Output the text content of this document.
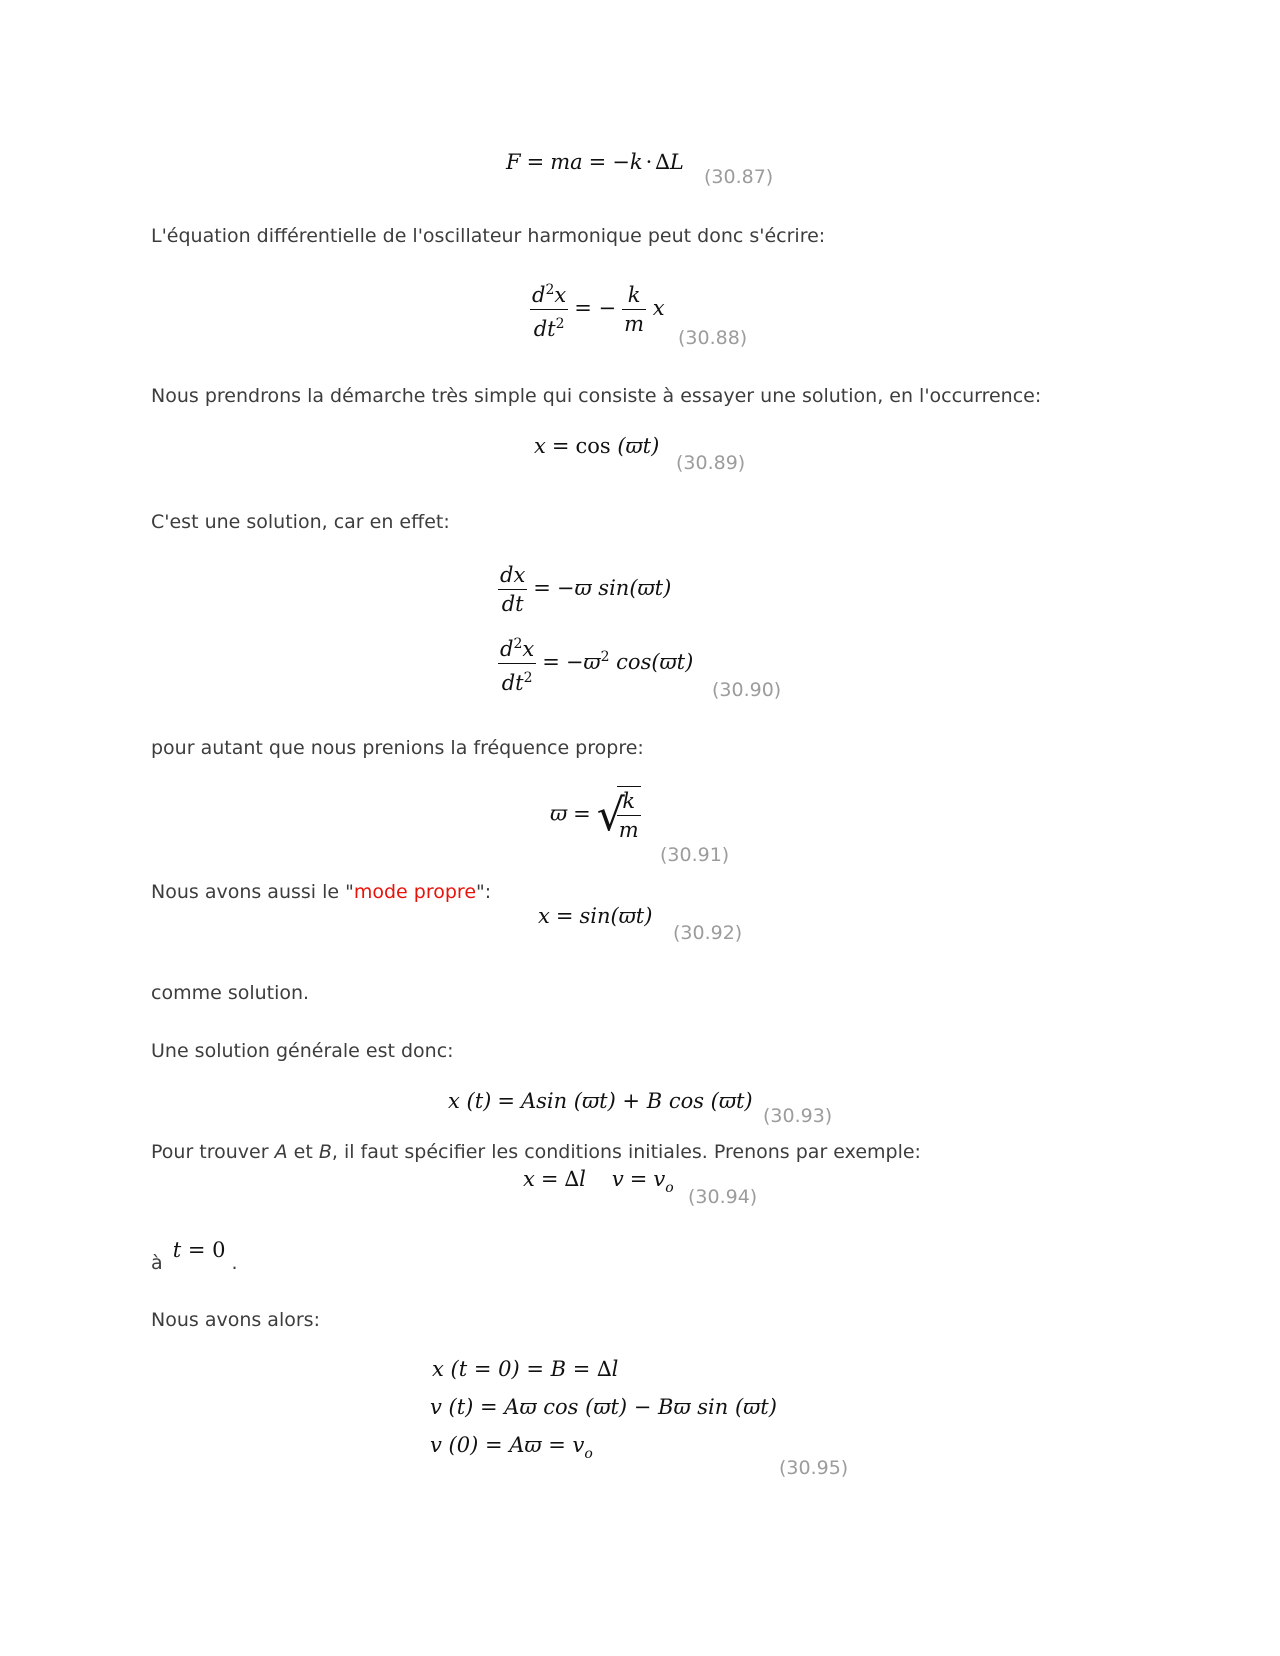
F = ma = −k · ∆L
(30.87)
L'équation différentielle de l'oscillateur harmonique peut donc s'écrire:
$\frac{d^2x}{dt^2}$ = − $\frac{k}{m}$ x
(30.88)
Nous prendrons la démarche très simple qui consiste à essayer une solution, en l'occurrence:
x = cos (ϖt)
(30.89)
C'est une solution, car en effet:
$\frac{dx}{dt} = -ϖ$ sin(ϖt)
$\frac{d^2x}{dt^2} = -ϖ^2$ cos(ϖt)
(30.90)
pour autant que nous prenions la fréquence propre:
ϖ = √
$\frac{k}{m}$
(30.91)
Nous avons aussi le "mode propre":
x = sin(ϖt)
(30.92)
comme solution.
Une solution générale est donc:
x (t) = Asin (ϖt) + B cos (ϖt)
(30.93)
Pour trouver A et B, il faut spécifier les conditions initiales. Prenons par exemple:
x = ∆l $v = v_o$ (30.94)
à t = 0 .
Nous avons alors:
x (t = 0) = B = ∆l
v (t) = Aϖ cos (ϖt) − Bϖ sin (ϖt)
v $(0) = Aϖ = v_o$
(30.95)
